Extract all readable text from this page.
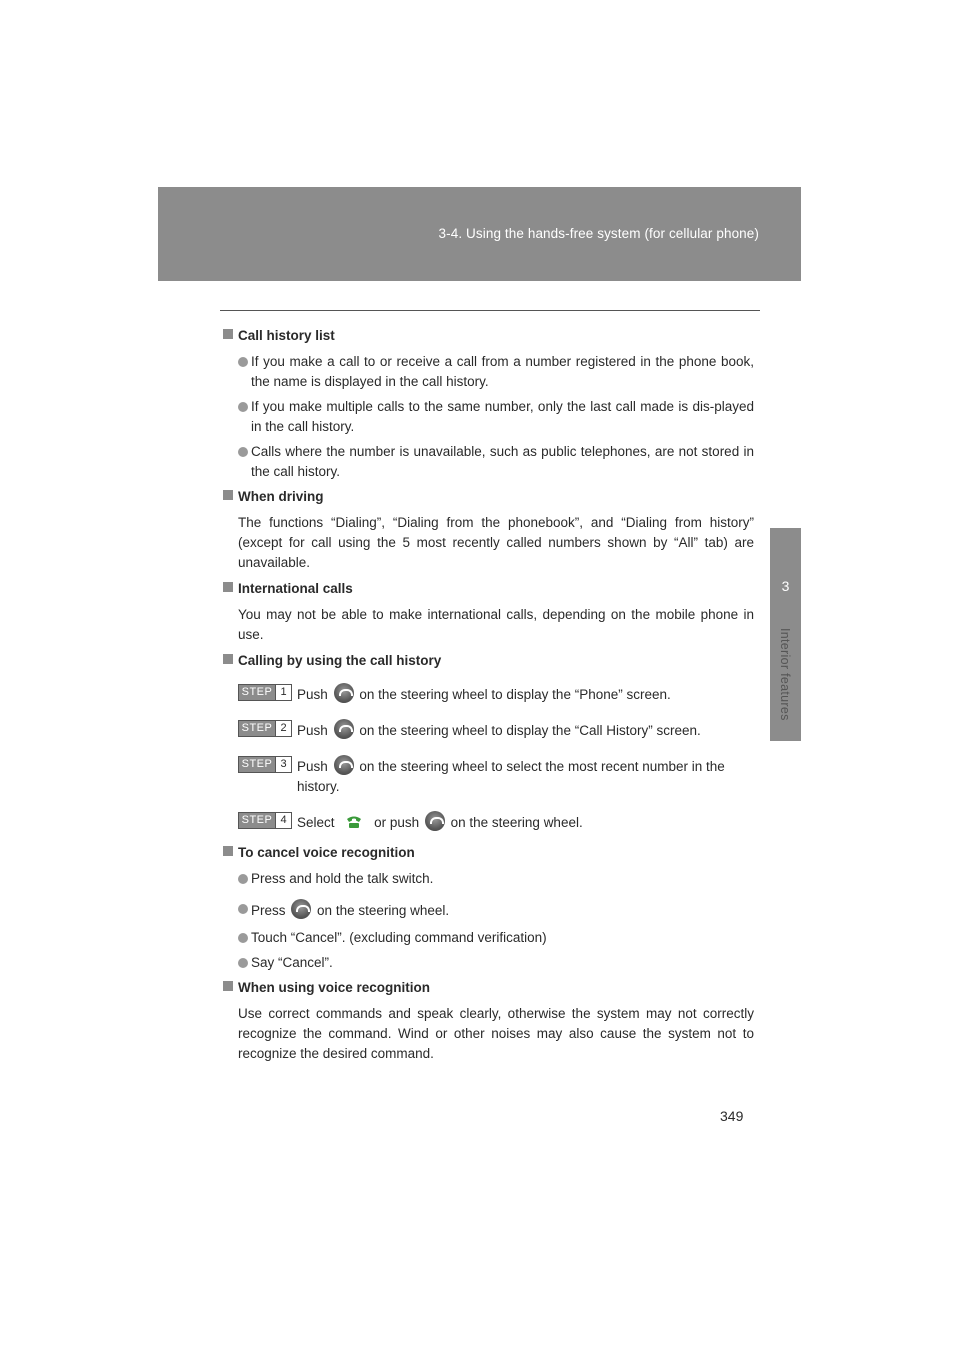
3-4. Using the hands-free system (for cellular phone)
3
Interior features
Call history list
If you make a call to or receive a call from a number registered in the phone book, the name is displayed in the call history.
If you make multiple calls to the same number, only the last call made is dis-played in the call history.
Calls where the number is unavailable, such as public telephones, are not stored in the call history.
When driving
The functions “Dialing”, “Dialing from the phonebook”, and “Dialing from history” (except for call using the 5 most recently called numbers shown by “All” tab) are unavailable.
International calls
You may not be able to make international calls, depending on the mobile phone in use.
Calling by using the call history
STEP 1 Push on the steering wheel to display the “Phone” screen.
STEP 2 Push on the steering wheel to display the “Call History” screen.
STEP 3 Push on the steering wheel to select the most recent number in the history.
STEP 4 Select	or push on the steering wheel.
To cancel voice recognition
Press and hold the talk switch.
Press on the steering wheel.
Touch “Cancel”. (excluding command verification)
Say “Cancel”.
When using voice recognition
Use correct commands and speak clearly, otherwise the system may not correctly recognize the command. Wind or other noises may also cause the system not to recognize the desired command.
349
